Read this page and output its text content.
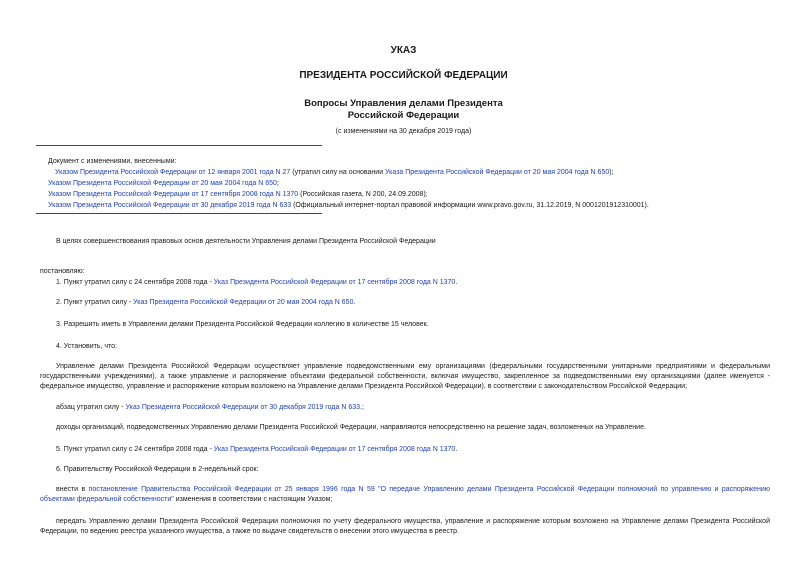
УКАЗ
ПРЕЗИДЕНТА РОССИЙСКОЙ ФЕДЕРАЦИИ
Вопросы Управления делами Президента
Российской Федерации
(с изменениями на 30 декабря 2019 года)
Документ с изменениями, внесенными:
Указом Президента Российской Федерации от 12 января 2001 года N 27 (утратил силу на основании Указа Президента Российской Федерации от 20 мая 2004 года N 650);
Указом Президента Российской Федерации от 20 мая 2004 года N 650;
Указом Президента Российской Федерации от 17 сентября 2008 года N 1370 (Российская газета, N 200, 24.09.2008);
Указом Президента Российской Федерации от 30 декабря 2019 года N 633 (Официальный интернет-портал правовой информации www.pravo.gov.ru, 31.12.2019, N 0001201912310001).
В целях совершенствования правовых основ деятельности Управления делами Президента Российской Федерации
постановляю:
1. Пункт утратил силу с 24 сентября 2008 года - Указ Президента Российской Федерации от 17 сентября 2008 года N 1370.
2. Пункт утратил силу - Указ Президента Российской Федерации от 20 мая 2004 года N 650.
3. Разрешить иметь в Управлении делами Президента Российской Федерации коллегию в количестве 15 человек.
4. Установить, что:
Управление делами Президента Российской Федерации осуществляет управление подведомственными ему организациями (федеральными государственными унитарными предприятиями и федеральными государственными учреждениями), а также управление и распоряжение объектами федеральной собственности, включая имущество, закрепленное за подведомственными ему организациями (далее именуется - федеральное имущество, управление и распоряжение которым возложено на Управление делами Президента Российской Федерации), в соответствии с законодательством Российской Федерации;
абзац утратил силу - Указ Президента Российской Федерации от 30 декабря 2019 года N 633.;
доходы организаций, подведомственных Управлению делами Президента Российской Федерации, направляются непосредственно на решение задач, возложенных на Управление.
5. Пункт утратил силу с 24 сентября 2008 года - Указ Президента Российской Федерации от 17 сентября 2008 года N 1370.
6. Правительству Российской Федерации в 2-недельный срок:
внести в постановление Правительства Российской Федерации от 25 января 1996 года N 59 "О передаче Управлению делами Президента Российской Федерации полномочий по управлению и распоряжению объектами федеральной собственности" изменения в соответствии с настоящим Указом;
передать Управлению делами Президента Российской Федерации полномочия по учету федерального имущества, управление и распоряжение которым возложено на Управление делами Президента Российской Федерации, по ведению реестра указанного имущества, а также по выдаче свидетельств о внесении этого имущества в реестр.
